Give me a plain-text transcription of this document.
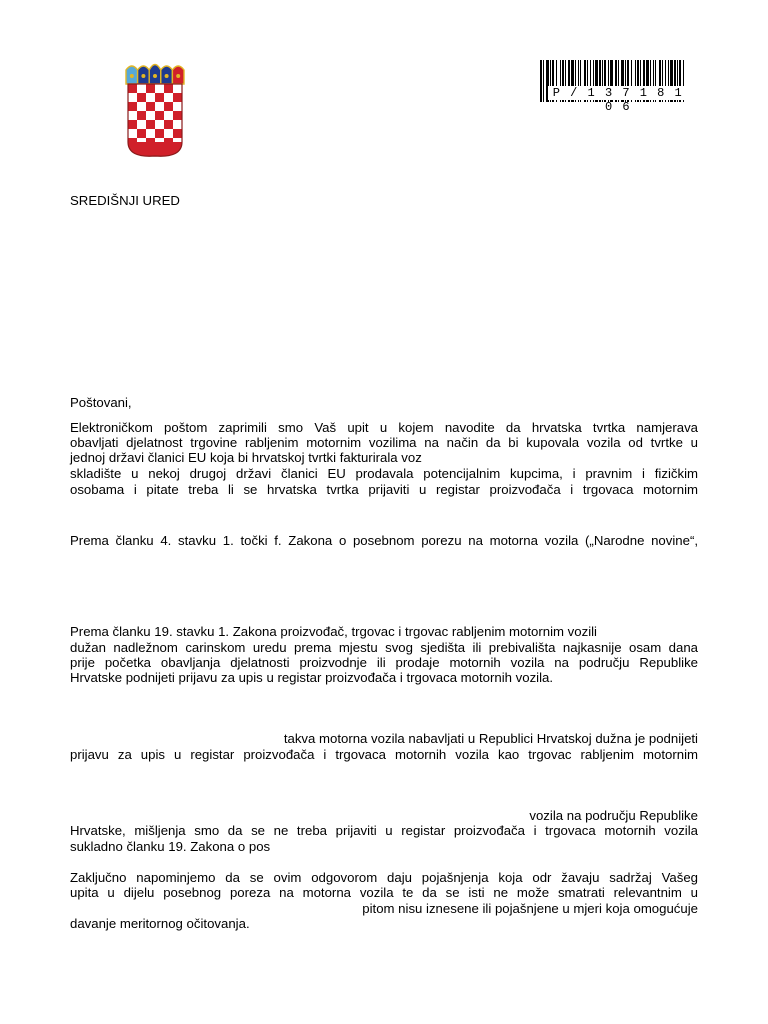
P / 1 3 7 1 8 1 0 6
SREDIŠNJI URED
Poštovani,
Elektroničkom poštom zaprimili smo Vaš upit u kojem navodite da hrvatska tvrtka namjerava
obavljati djelatnost trgovine rabljenim motornim vozilima na način da bi kupovala vozila od tvrtke u
jednoj državi članici EU koja bi hrvatskoj tvrtki fakturirala voz
skladište u nekoj drugoj državi članici EU prodavala potencijalnim kupcima, i pravnim i fizičkim
osobama i pitate treba li se hrvatska tvrtka prijaviti u registar proizvođača i trgovaca motornim
Prema članku 4. stavku 1. točki f. Zakona o posebnom porezu na motorna vozila („Narodne novine“,
Prema članku 19. stavku 1. Zakona proizvođač, trgovac i trgovac rabljenim motornim vozili
dužan nadležnom carinskom uredu prema mjestu svog sjedišta ili prebivališta najkasnije osam dana
prije početka obavljanja djelatnosti proizvodnje ili prodaje motornih vozila na području Republike
Hrvatske podnijeti prijavu za upis u registar proizvođača i trgovaca motornih vozila.
takva motorna vozila nabavljati u Republici Hrvatskoj dužna je podnijeti
prijavu za upis u registar proizvođača i trgovaca motornih vozila kao trgovac rabljenim motornim
vozila na području Republike
Hrvatske, mišljenja smo da se ne treba prijaviti u registar proizvođača i trgovaca motornih vozila
sukladno članku 19. Zakona o pos
Zaključno napominjemo da se ovim odgovorom daju pojašnjenja koja odr žavaju sadržaj Vašeg
upita u dijelu posebnog poreza na motorna vozila te da se isti ne može smatrati relevantnim u
pitom nisu iznesene ili pojašnjene u mjeri koja omogućuje
davanje meritornog očitovanja.
